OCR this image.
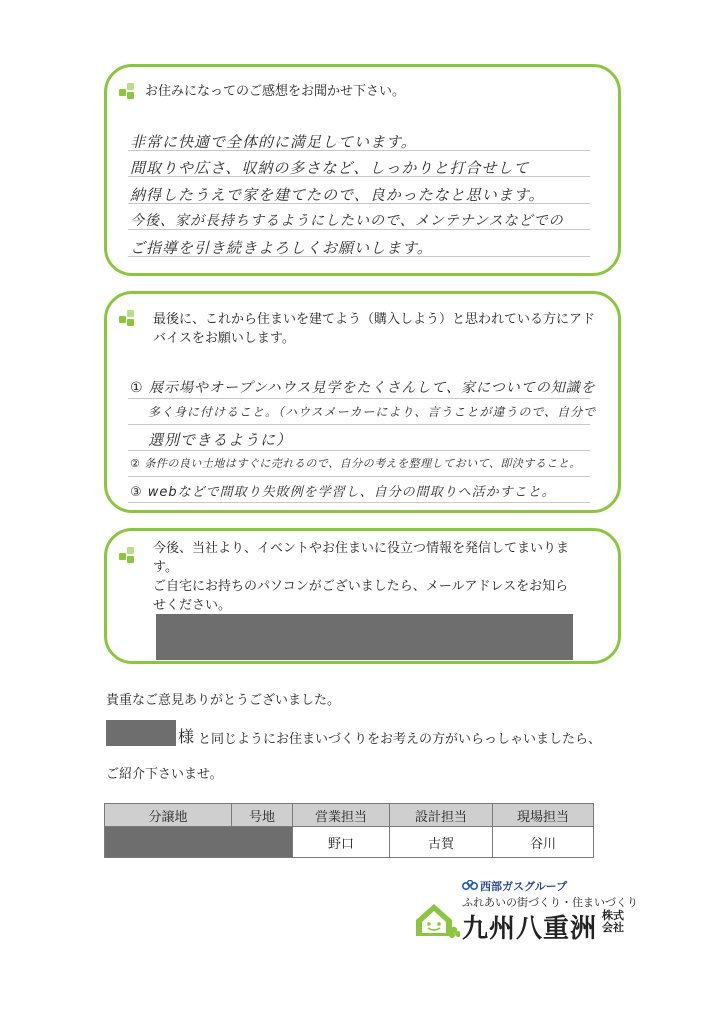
お住みになってのご感想をお聞かせ下さい。
非常に快適で全体的に満足しています。
間取りや広さ、収納の多さなど、しっかりと打合せして
納得したうえで家を建てたので、良かったなと思います。
今後、家が長持ちするようにしたいので、メンテナンスなどでの
ご指導を引き続きよろしくお願いします。
最後に、これから住まいを建てよう（購入しよう）と思われている方にアド
バイスをお願いします。
① 展示場やオープンハウス見学をたくさんして、家についての知識を
多く身に付けること。（ハウスメーカーにより、言うことが違うので、自分で
選別できるように）
② 条件の良い土地はすぐに売れるので、自分の考えを整理しておいて、即決すること。
③ webなどで間取り失敗例を学習し、自分の間取りへ活かすこと。
今後、当社より、イベントやお住まいに役立つ情報を発信してまいりま
す。
ご自宅にお持ちのパソコンがございましたら、メールアドレスをお知ら
せください。
貴重なご意見ありがとうございました。
様 と同じようにお住まいづくりをお考えの方がいらっしゃいましたら、
ご紹介下さいませ。
分譲地	号地	営業担当	設計担当	現場担当
		野口	古賀	谷川
西部ガスグループ
ふれあいの街づくり・住まいづくり
九州八重洲 株式
会社
